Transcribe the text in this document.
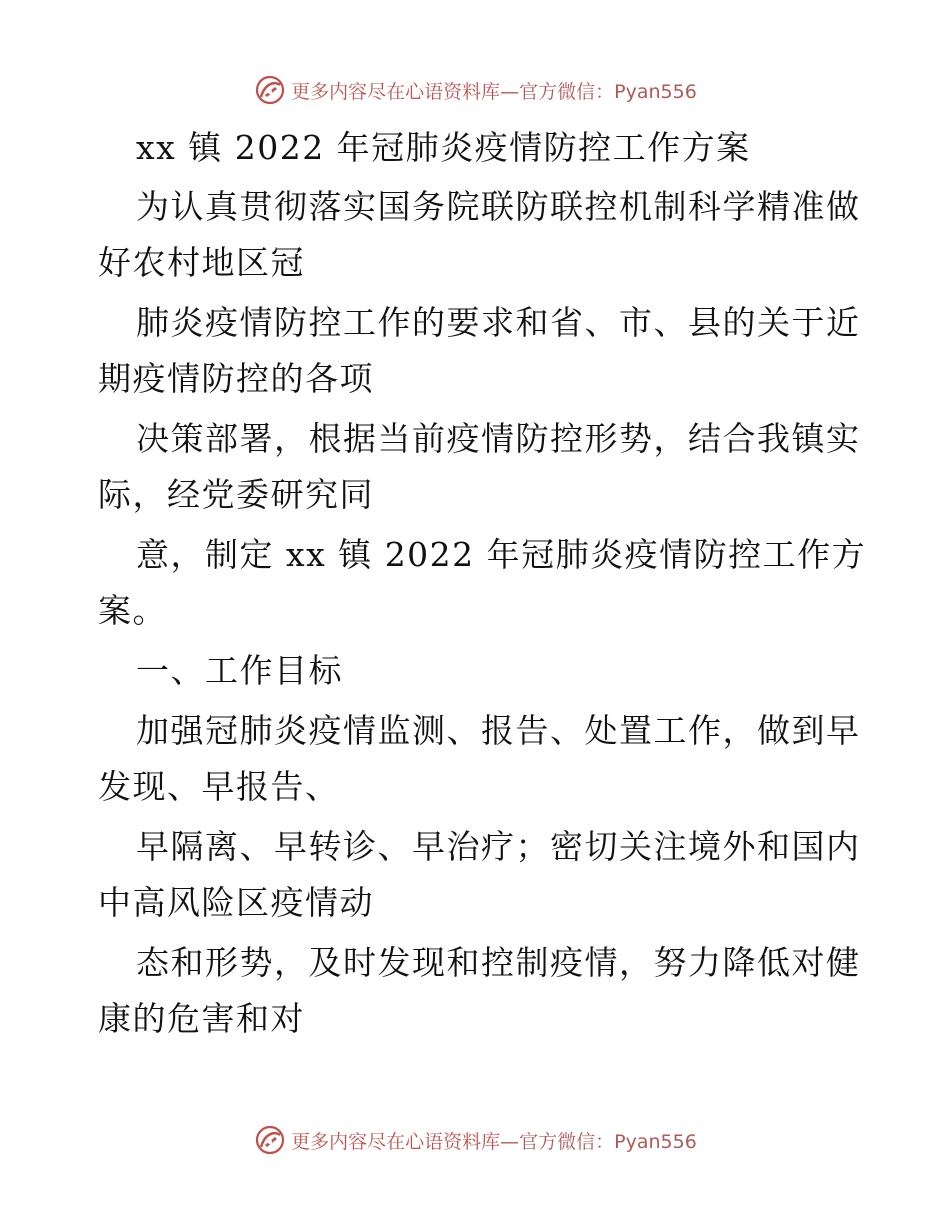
更多内容尽在心语资料库 —官方微信：Pyan556
xx 镇 2022 年冠肺炎疫情防控工作方案
为认真贯彻落实国务院联防联控机制科学精准做
好农村地区冠
肺炎疫情防控工作的要求和省、市、县的关于近
期疫情防控的各项
决策部署，根据当前疫情防控形势，结合我镇实
际，经党委研究同
意，制定 xx 镇 2022 年冠肺炎疫情防控工作方
案。
一、工作目标
加强冠肺炎疫情监测、报告、处置工作，做到早
发现、早报告、
早隔离、早转诊、早治疗；密切关注境外和国内
中高风险区疫情动
态和形势，及时发现和控制疫情，努力降低对健
康的危害和对
更多内容尽在心语资料库 —官方微信：Pyan556
